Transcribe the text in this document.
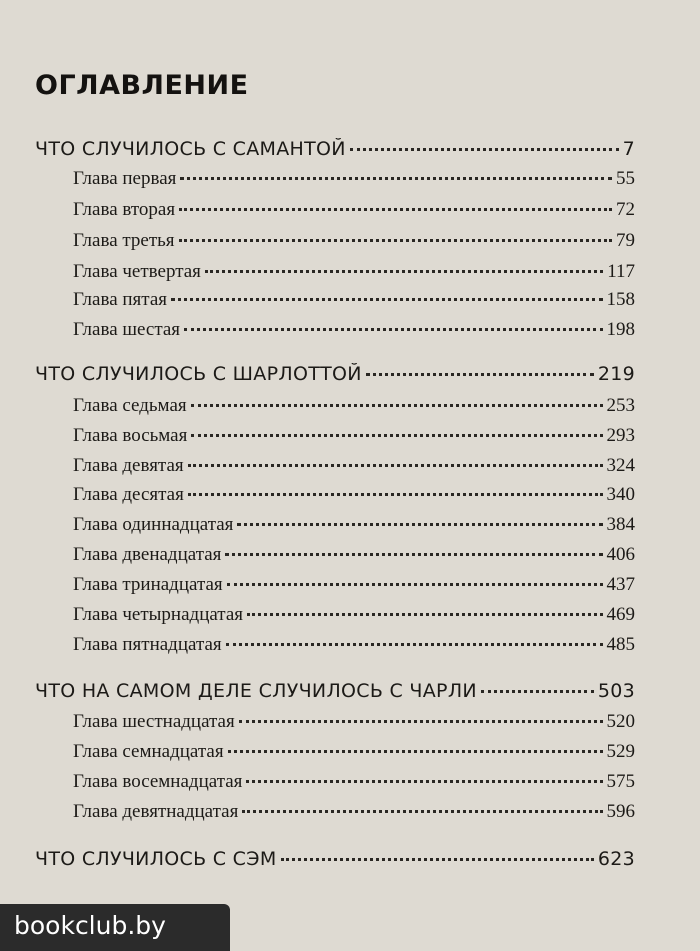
ОГЛАВЛЕНИЕ
ЧТО СЛУЧИЛОСЬ С САМАНТОЙ	7
Глава первая	55
Глава вторая	72
Глава третья	79
Глава четвертая	117
Глава пятая	158
Глава шестая	198
ЧТО СЛУЧИЛОСЬ С ШАРЛОТТОЙ	219
Глава седьмая	253
Глава восьмая	293
Глава девятая	324
Глава десятая	340
Глава одиннадцатая	384
Глава двенадцатая	406
Глава тринадцатая	437
Глава четырнадцатая	469
Глава пятнадцатая	485
ЧТО НА САМОМ ДЕЛЕ СЛУЧИЛОСЬ С ЧАРЛИ	503
Глава шестнадцатая	520
Глава семнадцатая	529
Глава восемнадцатая	575
Глава девятнадцатая	596
ЧТО СЛУЧИЛОСЬ С СЭМ	623
bookclub.by
